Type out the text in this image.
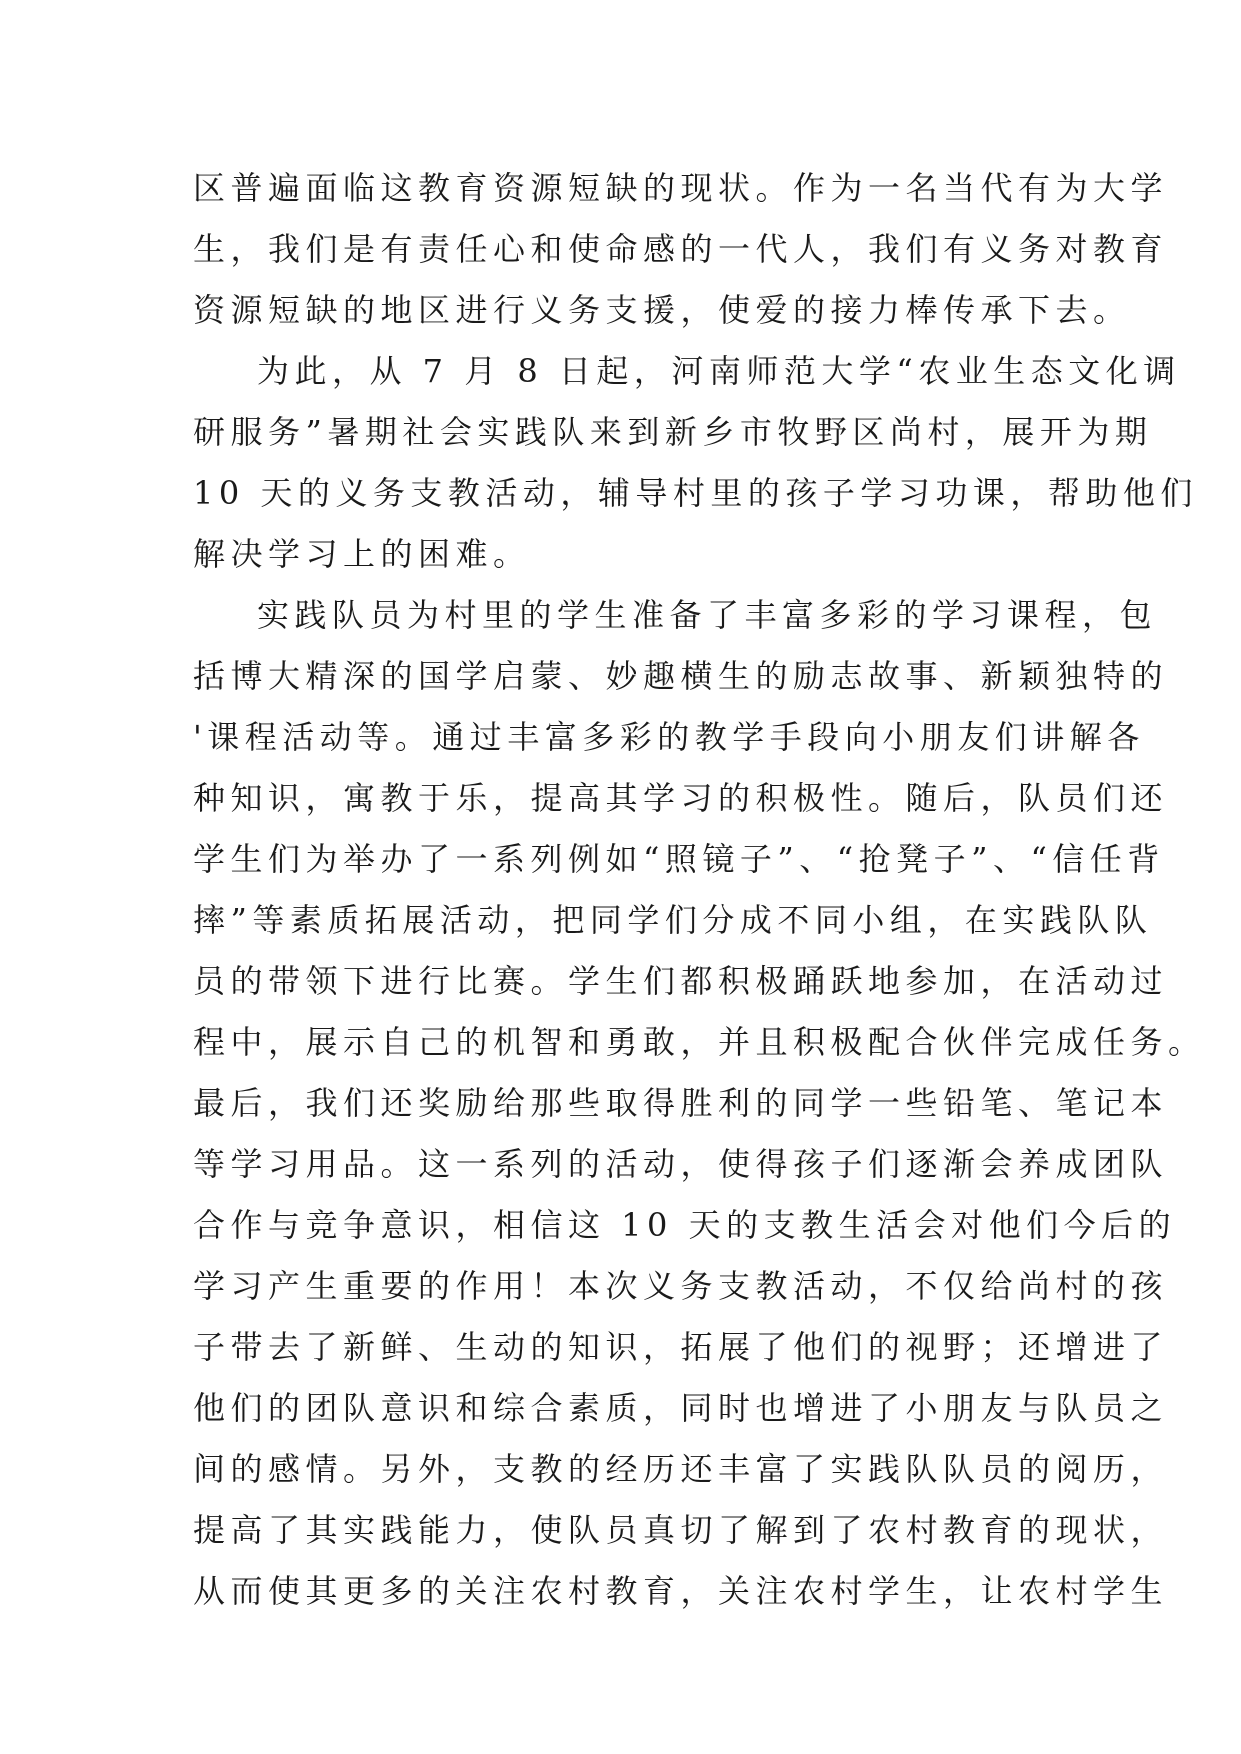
区普遍面临这教育资源短缺的现状。作为一名当代有为大学
生，我们是有责任心和使命感的一代人，我们有义务对教育
资源短缺的地区进行义务支援，使爱的接力棒传承下去。
为此，从 7 月 8 日起，河南师范大学“农业生态文化调
研服务”暑期社会实践队来到新乡市牧野区尚村，展开为期
10 天的义务支教活动，辅导村里的孩子学习功课，帮助他们
解决学习上的困难。
实践队员为村里的学生准备了丰富多彩的学习课程，包
括博大精深的国学启蒙、妙趣横生的励志故事、新颖独特的
'课程活动等。通过丰富多彩的教学手段向小朋友们讲解各
种知识，寓教于乐，提高其学习的积极性。随后，队员们还
学生们为举办了一系列例如“照镜子”、“抢凳子”、“信任背
摔”等素质拓展活动，把同学们分成不同小组，在实践队队
员的带领下进行比赛。学生们都积极踊跃地参加，在活动过
程中，展示自己的机智和勇敢，并且积极配合伙伴完成任务。
最后，我们还奖励给那些取得胜利的同学一些铅笔、笔记本
等学习用品。这一系列的活动，使得孩子们逐渐会养成团队
合作与竞争意识，相信这 10 天的支教生活会对他们今后的
学习产生重要的作用！本次义务支教活动，不仅给尚村的孩
子带去了新鲜、生动的知识，拓展了他们的视野；还增进了
他们的团队意识和综合素质，同时也增进了小朋友与队员之
间的感情。另外，支教的经历还丰富了实践队队员的阅历，
提高了其实践能力，使队员真切了解到了农村教育的现状，
从而使其更多的关注农村教育，关注农村学生，让农村学生
